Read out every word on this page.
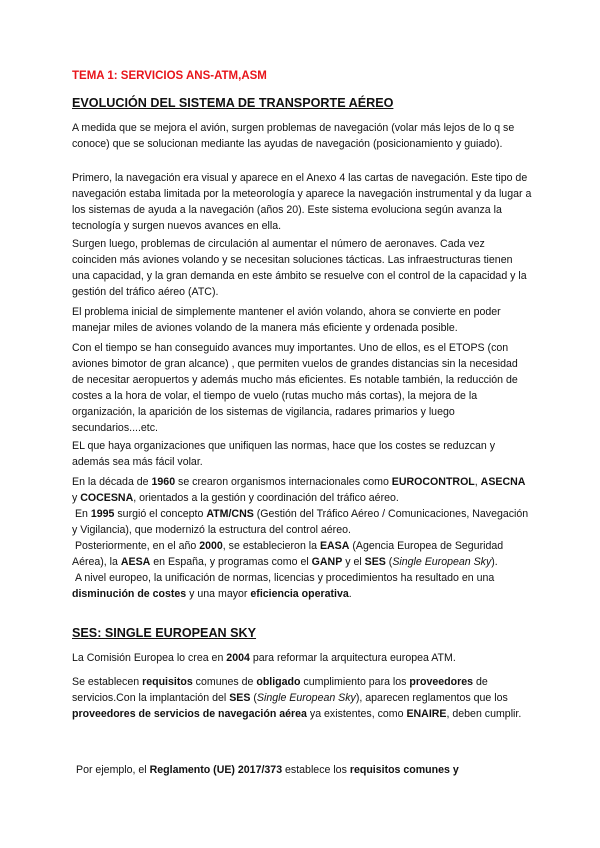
TEMA 1: SERVICIOS ANS-ATM,ASM

EVOLUCIÓN DEL SISTEMA DE TRANSPORTE AÉREO

A medida que se mejora el avión, surgen problemas de navegación (volar más lejos de lo q se conoce) que se solucionan mediante las ayudas de navegación (posicionamiento y guiado).

Primero, la navegación era visual y aparece en el Anexo 4 las cartas de navegación. Este tipo de navegación estaba limitada por la meteorología y aparece la navegación instrumental y da lugar a los sistemas de ayuda a la navegación (años 20). Este sistema evoluciona según avanza la tecnología y surgen nuevos avances en ella.

Surgen luego, problemas de circulación al aumentar el número de aeronaves. Cada vez coinciden más aviones volando y se necesitan soluciones tácticas. Las infraestructuras tienen una capacidad, y la gran demanda en este ámbito se resuelve con el control de la capacidad y la gestión del tráfico aéreo (ATC).

El problema inicial de simplemente mantener el avión volando, ahora se convierte en poder manejar miles de aviones volando de la manera más eficiente y ordenada posible.

Con el tiempo se han conseguido avances muy importantes. Uno de ellos, es el ETOPS (con aviones bimotor de gran alcance) , que permiten vuelos de grandes distancias sin la necesidad de necesitar aeropuertos y además mucho más eficientes. Es notable también, la reducción de costes a la hora de volar, el tiempo de vuelo (rutas mucho más cortas), la mejora de la organización, la aparición de los sistemas de vigilancia, radares primarios y luego secundarios....etc.

EL que haya organizaciones que unifiquen las normas, hace que los costes se reduzcan y además sea más fácil volar.

En la década de 1960 se crearon organismos internacionales como EUROCONTROL, ASECNA y COCESNA, orientados a la gestión y coordinación del tráfico aéreo.
En 1995 surgió el concepto ATM/CNS (Gestión del Tráfico Aéreo / Comunicaciones, Navegación y Vigilancia), que modernizó la estructura del control aéreo.
Posteriormente, en el año 2000, se establecieron la EASA (Agencia Europea de Seguridad Aérea), la AESA en España, y programas como el GANP y el SES (Single European Sky).
A nivel europeo, la unificación de normas, licencias y procedimientos ha resultado en una disminución de costes y una mayor eficiencia operativa.

SES: SINGLE EUROPEAN SKY

La Comisión Europea lo crea en 2004 para reformar la arquitectura europea ATM.

Se establecen requisitos comunes de obligado cumplimiento para los proveedores de servicios.Con la implantación del SES (Single European Sky), aparecen reglamentos que los proveedores de servicios de navegación aérea ya existentes, como ENAIRE, deben cumplir.

Por ejemplo, el Reglamento (UE) 2017/373 establece los requisitos comunes y
